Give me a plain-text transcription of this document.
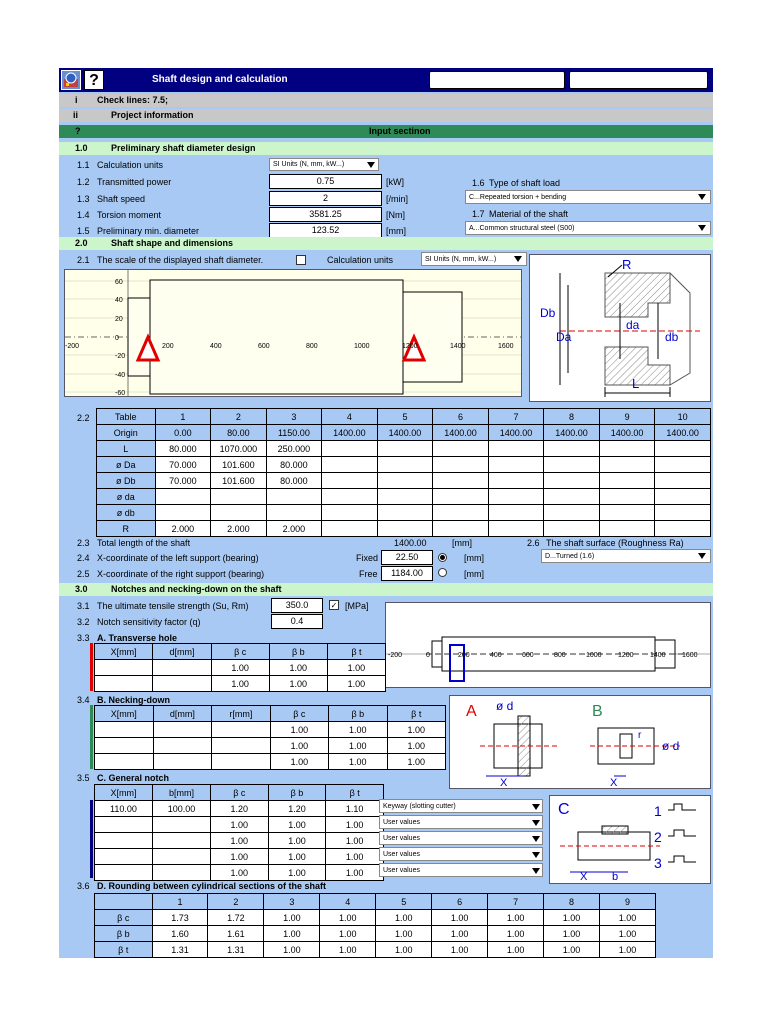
?	Shaft design and calculation	Shaft calculation	Clear table of results
i Check lines: 7.5;
ii	Project information
?	Input sectinon
1.0	Preliminary shaft diameter design
1.1 Calculation units	SI Units (N, mm, kW...)
1.2 Transmitted power	0.75	[kW]
1.3 Shaft speed	2	[/min]
1.4 Torsion moment	3581.25	[Nm]
1.5 Preliminary min. diameter	123.52	[mm]
1.6 Type of shaft load
C...Repeated torsion + bending
1.7 Material of the shaft
A...Common structural steel (S00)
2.0	Shaft shape and dimensions
2.1 The scale of the displayed shaft diameter.	Calculation units	SI Units (N, mm, kW...)
60
40
20
0
-20
-40
-60
-200	200	400	600	800	1000	1200	1400	1600
R
Db
Da
da
db
L
2.2	Table	1	2	3	4	5	6	7	8	9	10
Origin	0.00	80.00	1150.00	1400.00	1400.00	1400.00	1400.00	1400.00	1400.00	1400.00
L	80.000	1070.000	250.000							
ø Da	70.000	101.600	80.000							
ø Db	70.000	101.600	80.000							
ø da										
ø db										
R	2.000	2.000	2.000							
2.3 Total length of the shaft	1400.00	[mm]	2.6 The shaft surface (Roughness Ra)
D...Turned (1.6)
2.4 X-coordinate of the left support (bearing)	Fixed	22.50	[mm]
2.5 X-coordinate of the right support (bearing)	Free	1184.00	[mm]
3.0	Notches and necking-down on the shaft
3.1 The ultimate tensile strength (Su, Rm)	350.0	✓ [MPa]
3.2 Notch sensitivity factor (q)	0.4
-200	0	200	400	600	800	1000 1200 1400 1600
3.3 A. Transverse hole
X[mm]	d[mm]	β c	β b	β t
		1.00	1.00	1.00
		1.00	1.00	1.00
3.4 B. Necking-down
X[mm]	d[mm]	r[mm]	β c	β b	β t
			1.00	1.00	1.00
			1.00	1.00	1.00
			1.00	1.00	1.00
A ø d
X
B
r
ø d
X
3.5 C. General notch
X[mm]	b[mm]	β c	β b	β t
110.00	100.00	1.20	1.20	1.10
		1.00	1.00	1.00
		1.00	1.00	1.00
		1.00	1.00	1.00
		1.00	1.00	1.00
Keyway (slotting cutter)
User values
User values
User values
User values
C
X b
1
2
3
3.6 D. Rounding between cylindrical sections of the shaft
	1	2	3	4	5	6	7	8	9
β c	1.73	1.72	1.00	1.00	1.00	1.00	1.00	1.00	1.00
β b	1.60	1.61	1.00	1.00	1.00	1.00	1.00	1.00	1.00
β t	1.31	1.31	1.00	1.00	1.00	1.00	1.00	1.00	1.00
